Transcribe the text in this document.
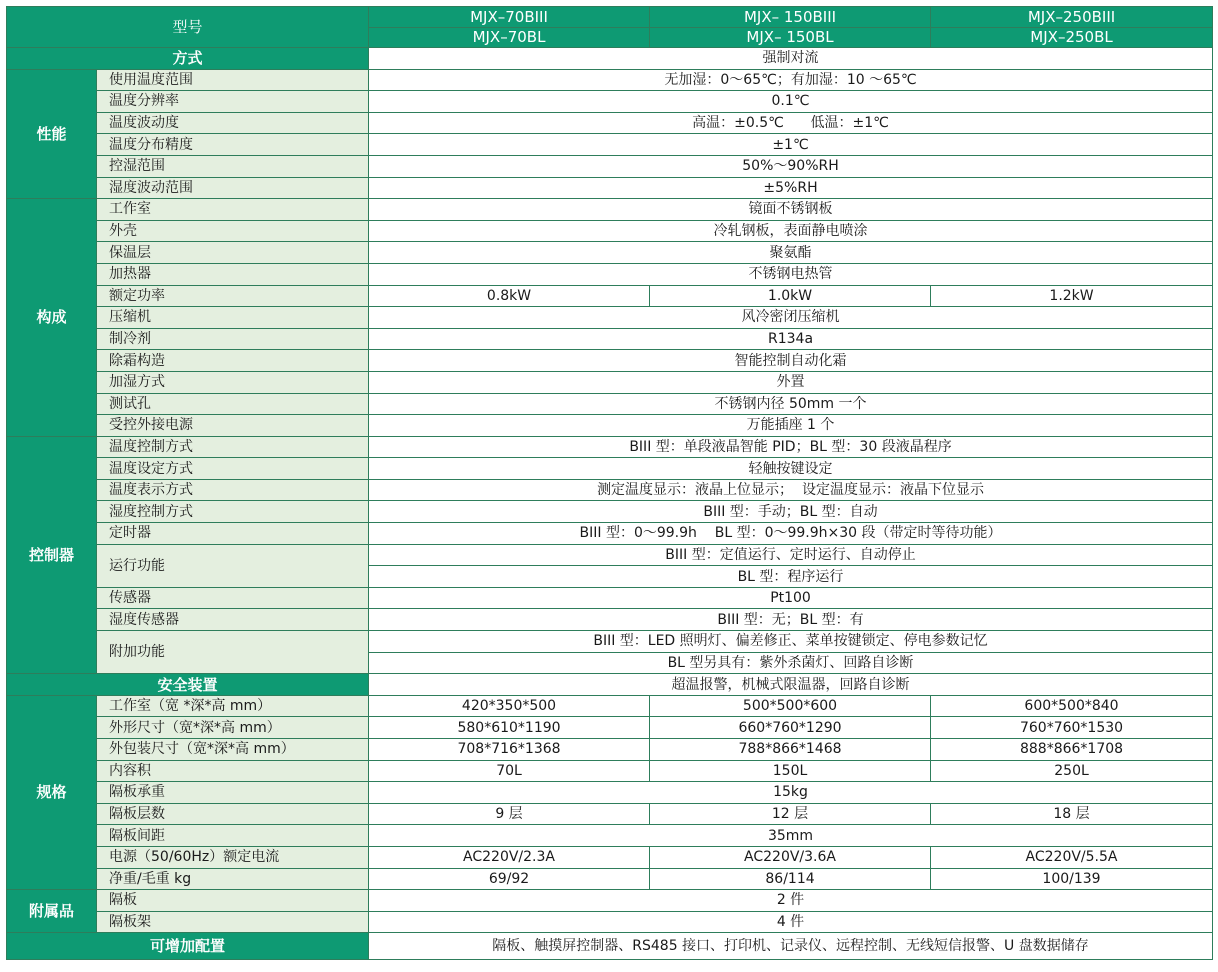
型号		MJX–70BIII	MJX– 150BIII	MJX–250BIII
		MJX–70BL	MJX– 150BL	MJX–250BL
方式		强制对流		
性能	使用温度范围	无加湿：0～65℃；有加湿：10 ～65℃		
	温度分辨率	0.1℃		
	温度波动度	高温：±0.5℃      低温：±1℃		
	温度分布精度	±1℃		
	控湿范围	50%～90%RH		
	湿度波动范围	±5%RH		
构成	工作室	镜面不锈钢板		
	外壳	冷轧钢板，表面静电喷涂		
	保温层	聚氨酯		
	加热器	不锈钢电热管		
	额定功率	0.8kW	1.0kW	1.2kW
	压缩机	风冷密闭压缩机		
	制冷剂	R134a		
	除霜构造	智能控制自动化霜		
	加湿方式	外置		
	测试孔	不锈钢内径 50mm 一个		
	受控外接电源	万能插座 1 个		
控制器	温度控制方式	BIII 型：单段液晶智能 PID；BL 型：30 段液晶程序		
	温度设定方式	轻触按键设定		
	温度表示方式	测定温度显示：液晶上位显示；  设定温度显示：液晶下位显示		
	湿度控制方式	BIII 型：手动；BL 型：自动		
	定时器	BIII 型：0～99.9h    BL 型：0～99.9h×30 段（带定时等待功能）		
	运行功能	BIII 型：定值运行、定时运行、自动停止		
		BL 型：程序运行		
	传感器	Pt100		
	湿度传感器	BIII 型：无；BL 型：有		
	附加功能	BIII 型：LED 照明灯、偏差修正、菜单按键锁定、停电参数记忆		
		BL 型另具有：紫外杀菌灯、回路自诊断		
安全装置		超温报警，机械式限温器，回路自诊断		
规格	工作室（宽 *深*高 mm）	420*350*500	500*500*600	600*500*840
	外形尺寸（宽*深*高 mm）	580*610*1190	660*760*1290	760*760*1530
	外包装尺寸（宽*深*高 mm）	708*716*1368	788*866*1468	888*866*1708
	内容积	70L	150L	250L
	隔板承重	15kg		
	隔板层数	9 层	12 层	18 层
	隔板间距	35mm		
	电源（50/60Hz）额定电流	AC220V/2.3A	AC220V/3.6A	AC220V/5.5A
	净重/毛重 kg	69/92	86/114	100/139
附属品	隔板	2 件		
	隔板架	4 件		
可增加配置		隔板、触摸屏控制器、RS485 接口、打印机、记录仪、远程控制、无线短信报警、U 盘数据储存		
